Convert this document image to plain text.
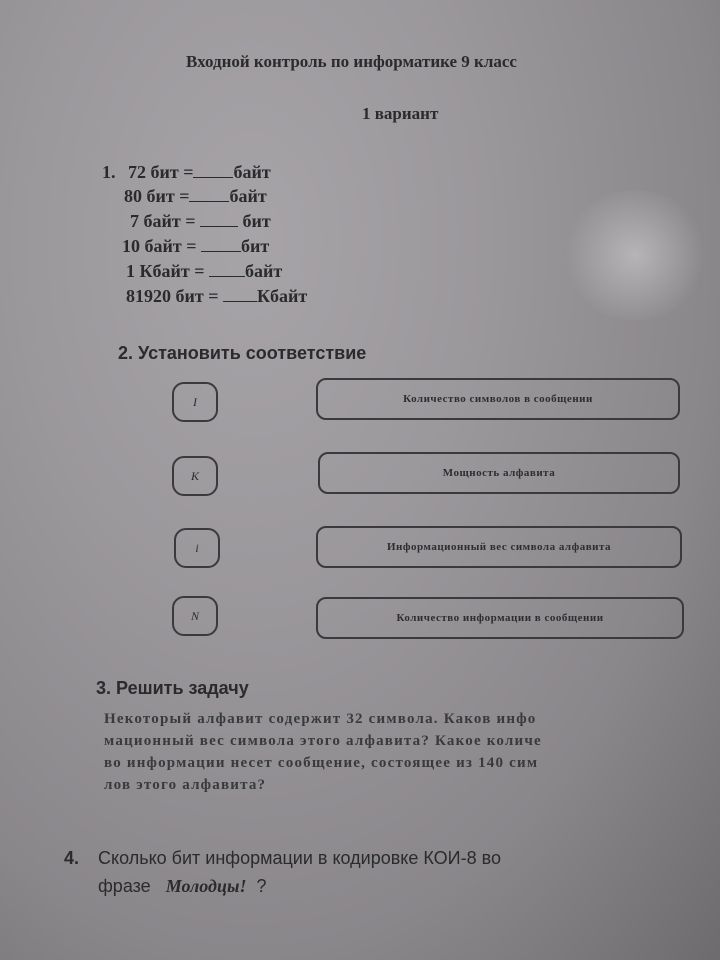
Входной контроль по информатике 9 класс
1 вариант
1. 72 бит = байт
80 бит = байт
7 байт =	бит
10 байт = бит
1 Кбайт = байт
81920 бит = Кбайт
2. Установить соответствие
I
K
i
N
Количество символов в сообщении
Мощность алфавита
Информационный вес символа алфавита
Количество информации в сообщении
3. Решить задачу
Некоторый алфавит содержит 32 символа. Каков инфо
мационный вес символа этого алфавита? Какое количе
во информации несет сообщение, состоящее из 140 сим
лов этого алфавита?
4. Сколько бит информации в кодировке КОИ-8 во
фразе Молодцы! ?
